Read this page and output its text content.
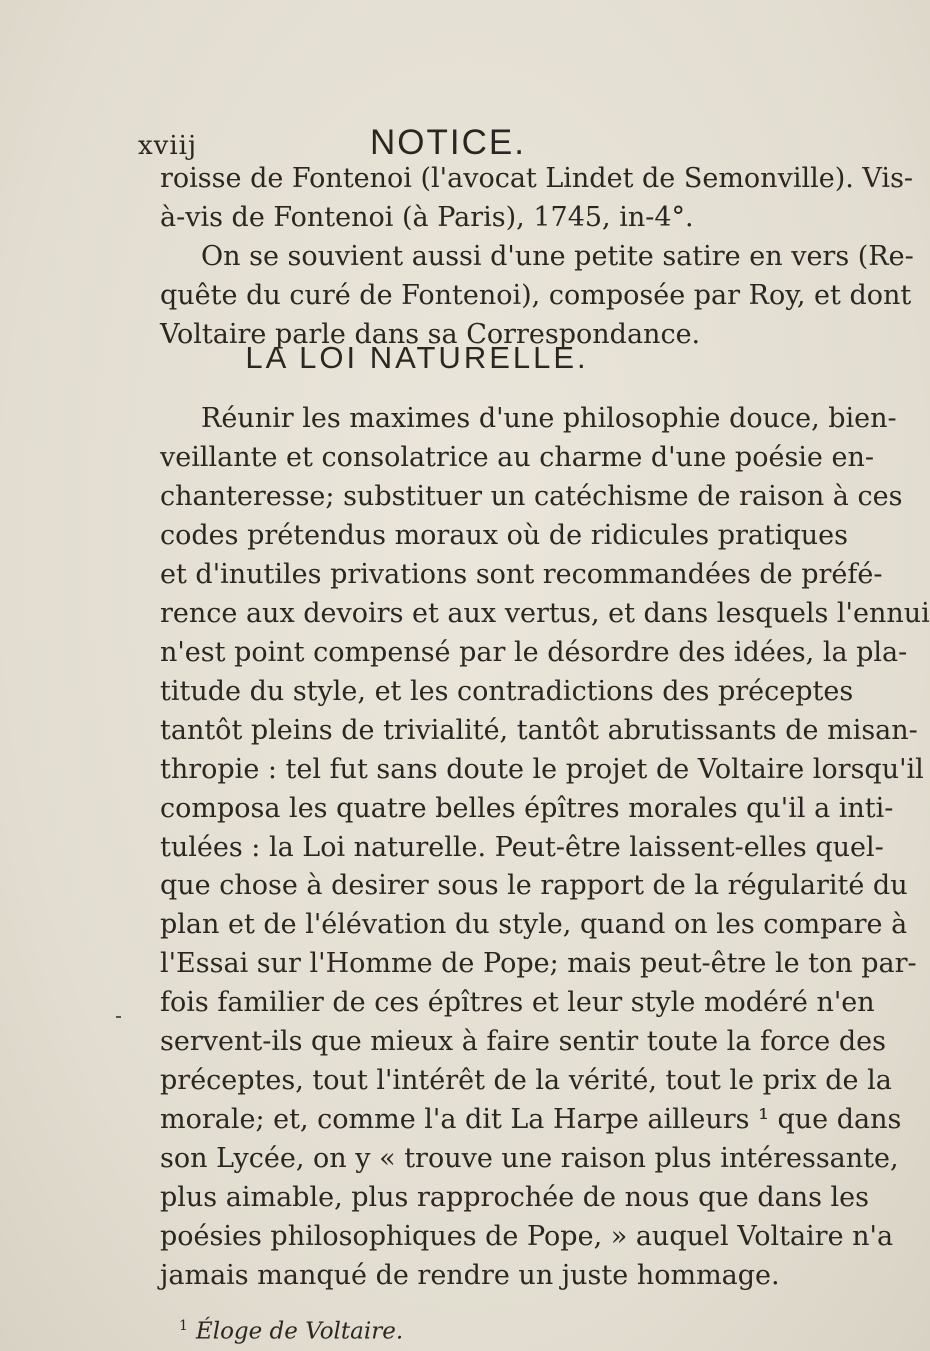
xviij	NOTICE.
roisse de Fontenoi (l'avocat Lindet de Semonville). Vis-
à-vis de Fontenoi (à Paris), 1745, in-4°.
On se souvient aussi d'une petite satire en vers (Re-
quête du curé de Fontenoi), composée par Roy, et dont
Voltaire parle dans sa Correspondance.
LA LOI NATURELLE.
Réunir les maximes d'une philosophie douce, bien-
veillante et consolatrice au charme d'une poésie en-
chanteresse; substituer un catéchisme de raison à ces
codes prétendus moraux où de ridicules pratiques
et d'inutiles privations sont recommandées de préfé-
rence aux devoirs et aux vertus, et dans lesquels l'ennui
n'est point compensé par le désordre des idées, la pla-
titude du style, et les contradictions des préceptes
tantôt pleins de trivialité, tantôt abrutissants de misan-
thropie : tel fut sans doute le projet de Voltaire lorsqu'il
composa les quatre belles épîtres morales qu'il a inti-
tulées : la Loi naturelle. Peut-être laissent-elles quel-
que chose à desirer sous le rapport de la régularité du
plan et de l'élévation du style, quand on les compare à
l'Essai sur l'Homme de Pope; mais peut-être le ton par-
fois familier de ces épîtres et leur style modéré n'en
servent-ils que mieux à faire sentir toute la force des
préceptes, tout l'intérêt de la vérité, tout le prix de la
morale; et, comme l'a dit La Harpe ailleurs ¹ que dans
son Lycée, on y « trouve une raison plus intéressante,
plus aimable, plus rapprochée de nous que dans les
poésies philosophiques de Pope, » auquel Voltaire n'a
jamais manqué de rendre un juste hommage.
$^1$ Éloge de Voltaire.
